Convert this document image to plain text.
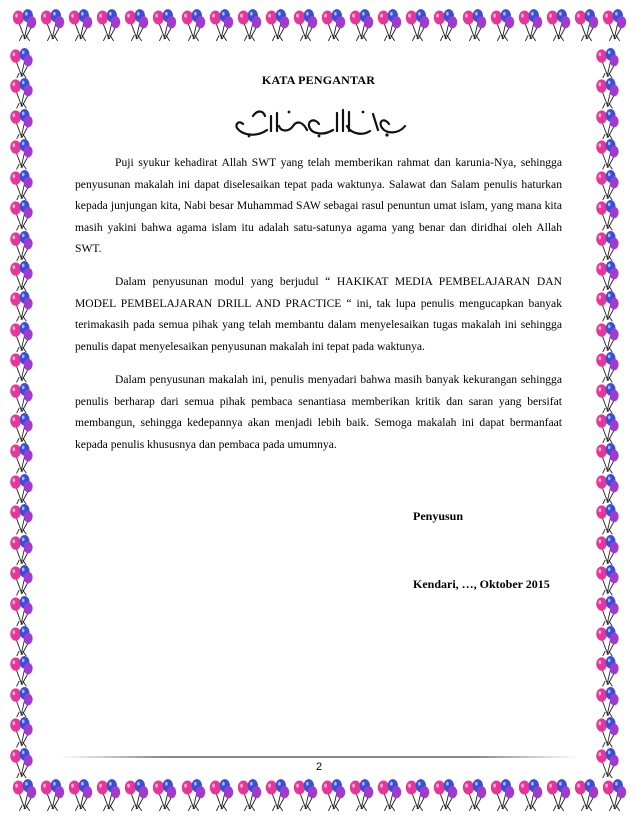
KATA PENGANTAR

Puji syukur kehadirat Allah SWT yang telah memberikan rahmat dan karunia-Nya, sehingga penyusunan makalah ini dapat diselesaikan tepat pada waktunya. Salawat dan Salam penulis haturkan kepada junjungan kita, Nabi besar Muhammad SAW sebagai rasul penuntun umat islam, yang mana kita masih yakini bahwa agama islam itu adalah satu-satunya agama yang benar dan diridhai oleh Allah SWT.

Dalam penyusunan modul yang berjudul “ HAKIKAT MEDIA PEMBELAJARAN DAN MODEL PEMBELAJARAN DRILL AND PRACTICE “ ini, tak lupa penulis mengucapkan banyak terimakasih pada semua pihak yang telah membantu dalam menyelesaikan tugas makalah ini sehingga penulis dapat menyelesaikan penyusunan makalah ini tepat pada waktunya.

Dalam penyusunan makalah ini, penulis menyadari bahwa masih banyak kekurangan sehingga penulis berharap dari semua pihak pembaca senantiasa memberikan kritik dan saran yang bersifat membangun, sehingga kedepannya akan menjadi lebih baik. Semoga makalah ini dapat bermanfaat kepada penulis khususnya dan pembaca pada umumnya.

Penyusun
Kendari, …, Oktober 2015
2
